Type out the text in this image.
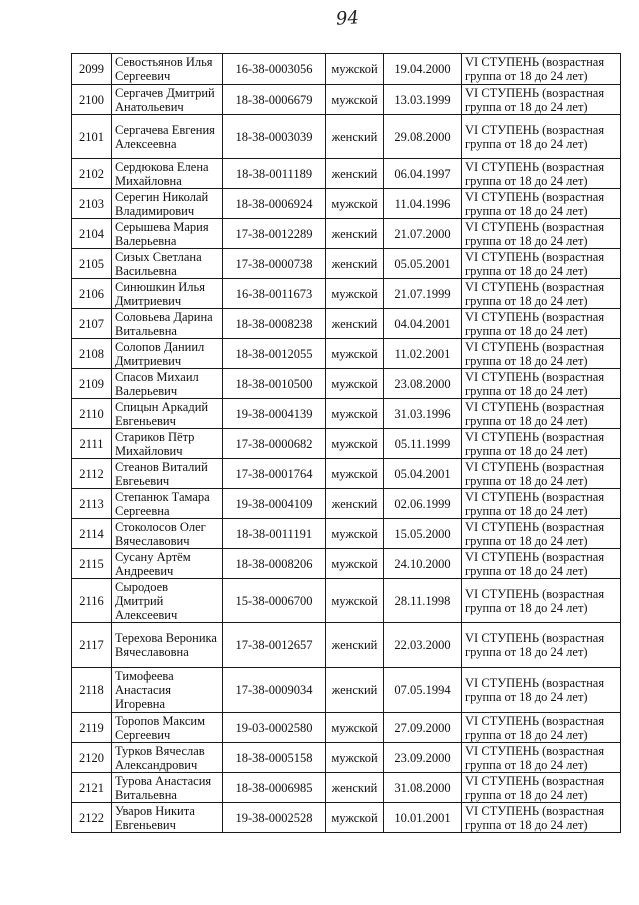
94
2099	Севостьянов Илья Сергеевич	16-38-0003056	мужской	19.04.2000	VI СТУПЕНЬ (возрастная группа от 18 до 24 лет)
2100	Сергачев Дмитрий Анатольевич	18-38-0006679	мужской	13.03.1999	VI СТУПЕНЬ (возрастная группа от 18 до 24 лет)
2101	Сергачева Евгения Алексеевна	18-38-0003039	женский	29.08.2000	VI СТУПЕНЬ (возрастная группа от 18 до 24 лет)
2102	Сердюкова Елена Михайловна	18-38-0011189	женский	06.04.1997	VI СТУПЕНЬ (возрастная группа от 18 до 24 лет)
2103	Серегин Николай Владимирович	18-38-0006924	мужской	11.04.1996	VI СТУПЕНЬ (возрастная группа от 18 до 24 лет)
2104	Серышева Мария Валерьевна	17-38-0012289	женский	21.07.2000	VI СТУПЕНЬ (возрастная группа от 18 до 24 лет)
2105	Сизых Светлана Васильевна	17-38-0000738	женский	05.05.2001	VI СТУПЕНЬ (возрастная группа от 18 до 24 лет)
2106	Синюшкин Илья Дмитриевич	16-38-0011673	мужской	21.07.1999	VI СТУПЕНЬ (возрастная группа от 18 до 24 лет)
2107	Соловьева Дарина Витальевна	18-38-0008238	женский	04.04.2001	VI СТУПЕНЬ (возрастная группа от 18 до 24 лет)
2108	Солопов Даниил Дмитриевич	18-38-0012055	мужской	11.02.2001	VI СТУПЕНЬ (возрастная группа от 18 до 24 лет)
2109	Спасов Михаил Валерьевич	18-38-0010500	мужской	23.08.2000	VI СТУПЕНЬ (возрастная группа от 18 до 24 лет)
2110	Спицын Аркадий Евгеньевич	19-38-0004139	мужской	31.03.1996	VI СТУПЕНЬ (возрастная группа от 18 до 24 лет)
2111	Стариков Пётр Михайлович	17-38-0000682	мужской	05.11.1999	VI СТУПЕНЬ (возрастная группа от 18 до 24 лет)
2112	Стеанов Виталий Евгеьевич	17-38-0001764	мужской	05.04.2001	VI СТУПЕНЬ (возрастная группа от 18 до 24 лет)
2113	Степанюк Тамара Сергеевна	19-38-0004109	женский	02.06.1999	VI СТУПЕНЬ (возрастная группа от 18 до 24 лет)
2114	Стоколосов Олег Вячеславович	18-38-0011191	мужской	15.05.2000	VI СТУПЕНЬ (возрастная группа от 18 до 24 лет)
2115	Сусану Артём Андреевич	18-38-0008206	мужской	24.10.2000	VI СТУПЕНЬ (возрастная группа от 18 до 24 лет)
2116	Сыродоев Дмитрий Алексеевич	15-38-0006700	мужской	28.11.1998	VI СТУПЕНЬ (возрастная группа от 18 до 24 лет)
2117	Терехова Вероника Вячеславовна	17-38-0012657	женский	22.03.2000	VI СТУПЕНЬ (возрастная группа от 18 до 24 лет)
2118	Тимофеева Анастасия Игоревна	17-38-0009034	женский	07.05.1994	VI СТУПЕНЬ (возрастная группа от 18 до 24 лет)
2119	Торопов Максим Сергеевич	19-03-0002580	мужской	27.09.2000	VI СТУПЕНЬ (возрастная группа от 18 до 24 лет)
2120	Турков Вячеслав Александрович	18-38-0005158	мужской	23.09.2000	VI СТУПЕНЬ (возрастная группа от 18 до 24 лет)
2121	Турова Анастасия Витальевна	18-38-0006985	женский	31.08.2000	VI СТУПЕНЬ (возрастная группа от 18 до 24 лет)
2122	Уваров Никита Евгеньевич	19-38-0002528	мужской	10.01.2001	VI СТУПЕНЬ (возрастная группа от 18 до 24 лет)
